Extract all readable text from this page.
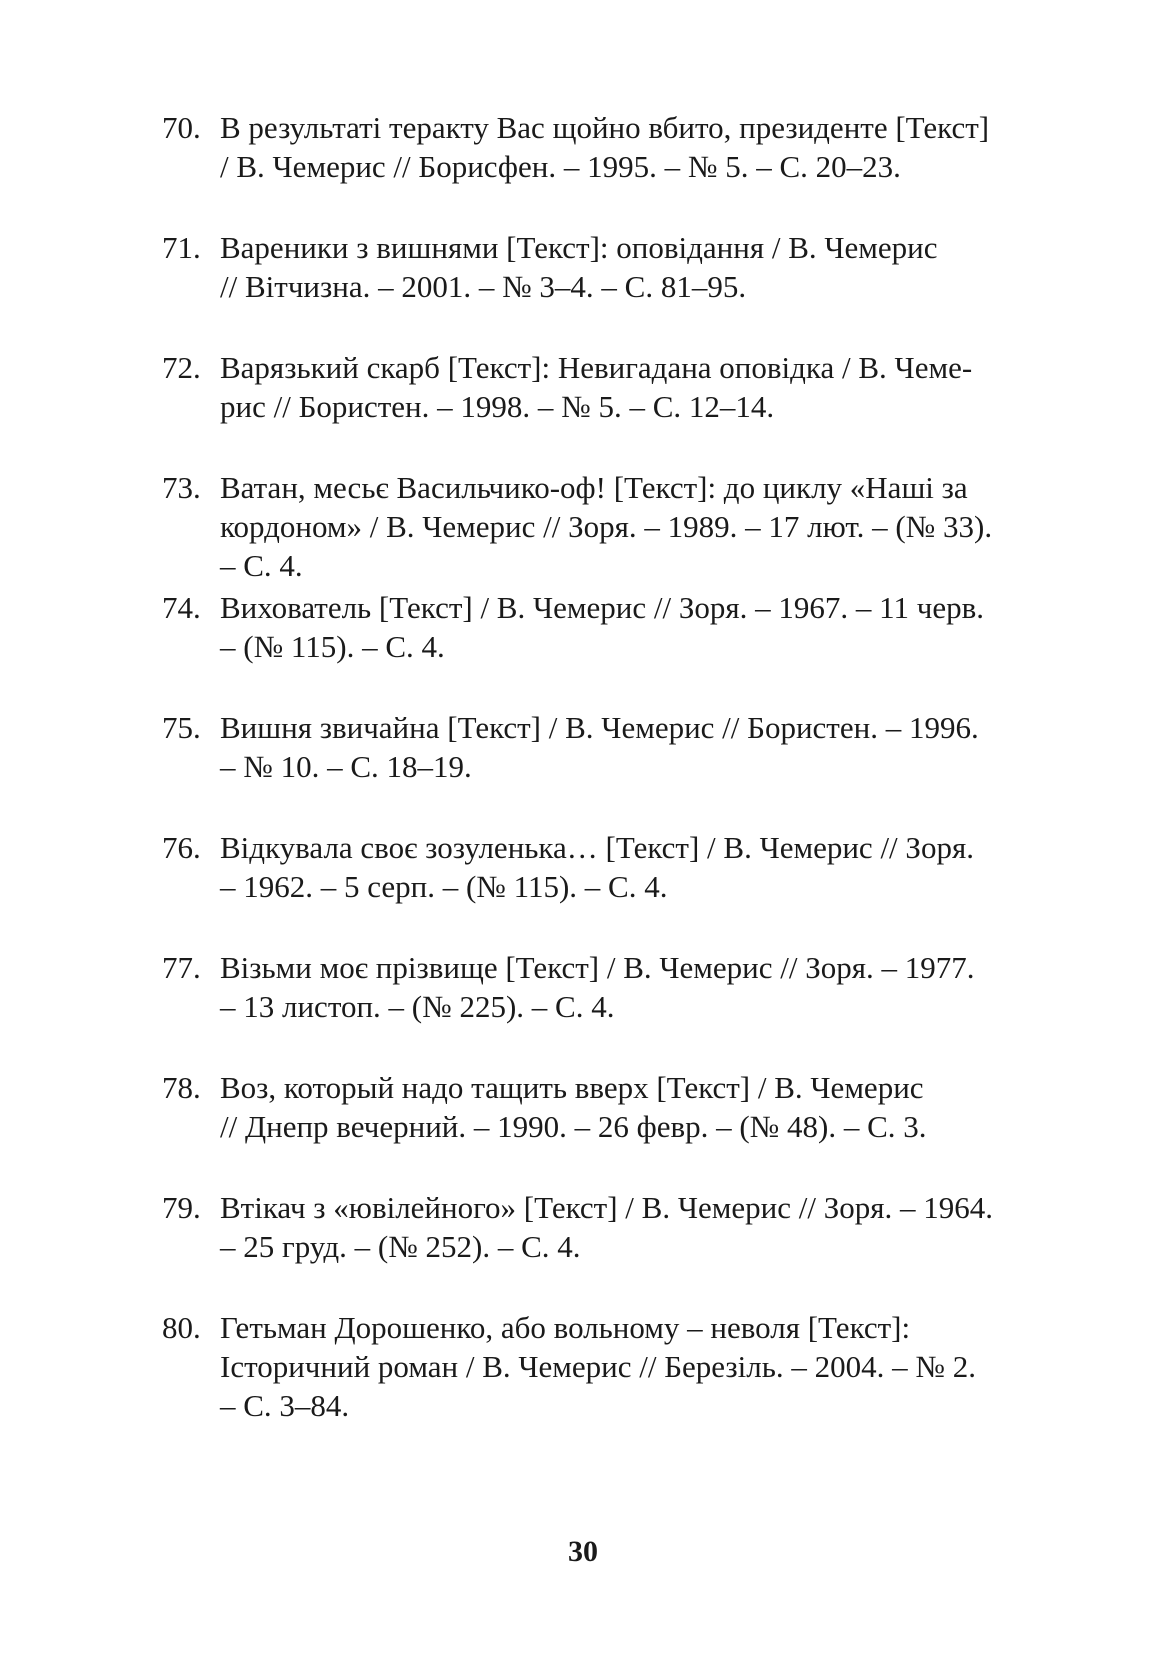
70. В результаті теракту Вас щойно вбито, президенте [Текст]
/ В. Чемерис // Борисфен. – 1995. – № 5. – С. 20–23.
71. Вареники з вишнями [Текст]: оповідання / В. Чемерис
// Вітчизна. – 2001. – № 3–4. – С. 81–95.
72. Варязький скарб [Текст]: Невигадана оповідка / В. Чеме-
рис // Бористен. – 1998. – № 5. – С. 12–14.
73. Ватан, месьє Васильчико-оф! [Текст]: до циклу «Наші за
кордоном» / В. Чемерис // Зоря. – 1989. – 17 лют. – (№ 33).
– С. 4.
74. Вихователь [Текст] / В. Чемерис // Зоря. – 1967. – 11 черв.
– (№ 115). – С. 4.
75. Вишня звичайна [Текст] / В. Чемерис // Бористен. – 1996.
– № 10. – С. 18–19.
76. Відкувала своє зозуленька… [Текст] / В. Чемерис // Зоря.
– 1962. – 5 серп. – (№ 115). – С. 4.
77. Візьми моє прізвище [Текст] / В. Чемерис // Зоря. – 1977.
– 13 листоп. – (№ 225). – С. 4.
78. Воз, который надо тащить вверх [Текст] / В. Чемерис
// Днепр вечерний. – 1990. – 26 февр. – (№ 48). – С. 3.
79. Втікач з «ювілейного» [Текст] / В. Чемерис // Зоря. – 1964.
– 25 груд. – (№ 252). – С. 4.
80. Гетьман Дорошенко, або вольному – неволя [Текст]:
Історичний роман / В. Чемерис // Березіль. – 2004. – № 2.
– С. 3–84.
30
